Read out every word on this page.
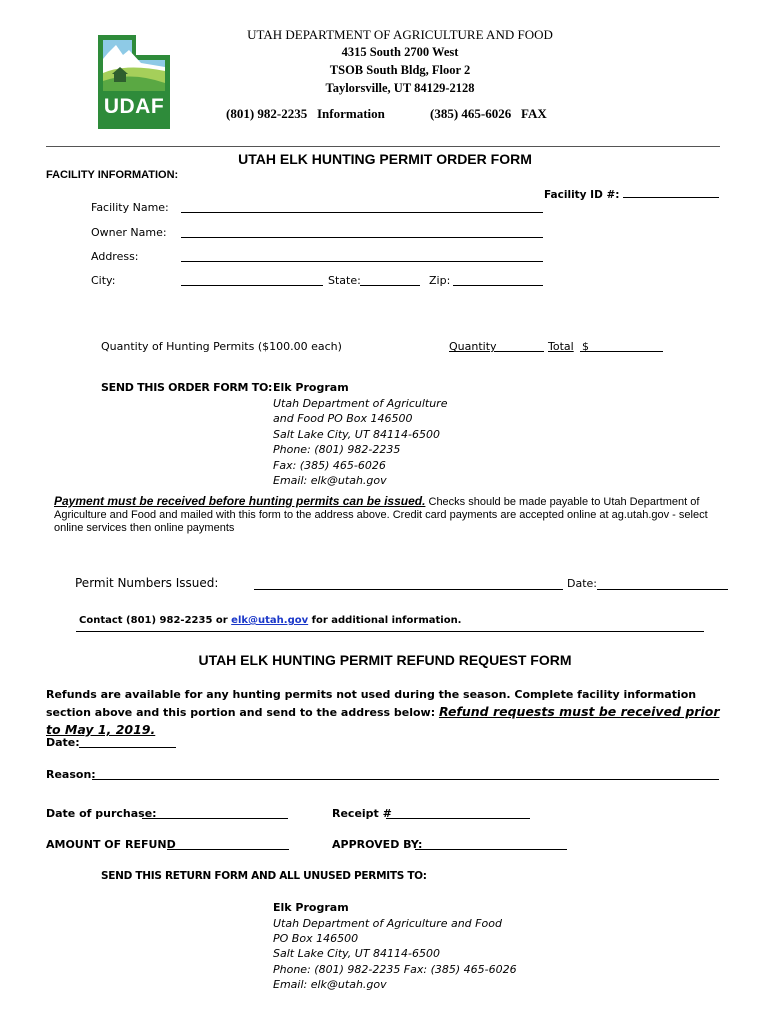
UDAF
UTAH DEPARTMENT OF AGRICULTURE AND FOOD
4315 South 2700 West
TSOB South Bldg, Floor 2
Taylorsville, UT 84129-2128
(801) 982-2235   Information	(385) 465-6026   FAX
UTAH ELK HUNTING PERMIT ORDER FORM
FACILITY INFORMATION:
Facility ID #:
Facility Name:
Owner Name:
Address:
City:	State:	Zip:
Quantity of Hunting Permits ($100.00 each)	Quantity	Total $
SEND THIS ORDER FORM TO: Elk Program
Utah Department of Agriculture
and Food PO Box 146500
Salt Lake City, UT 84114-6500
Phone: (801) 982-2235
Fax: (385) 465-6026
Email: elk@utah.gov
Payment must be received before hunting permits can be issued. Checks should be made payable to Utah Department of Agriculture and Food and mailed with this form to the address above. Credit card payments are accepted online at ag.utah.gov - select online services then online payments
Permit Numbers Issued:	Date:
Contact (801) 982-2235 or elk@utah.gov for additional information.
UTAH ELK HUNTING PERMIT REFUND REQUEST FORM
Refunds are available for any hunting permits not used during the season. Complete facility information section above and this portion and send to the address below: Refund requests must be received prior to May 1, 2019.
Date:
Reason:
Date of purchase:	Receipt #
AMOUNT OF REFUND	APPROVED BY:
SEND THIS RETURN FORM AND ALL UNUSED PERMITS TO:
Elk Program
Utah Department of Agriculture and Food
PO Box 146500
Salt Lake City, UT 84114-6500
Phone: (801) 982-2235 Fax: (385) 465-6026
Email: elk@utah.gov
